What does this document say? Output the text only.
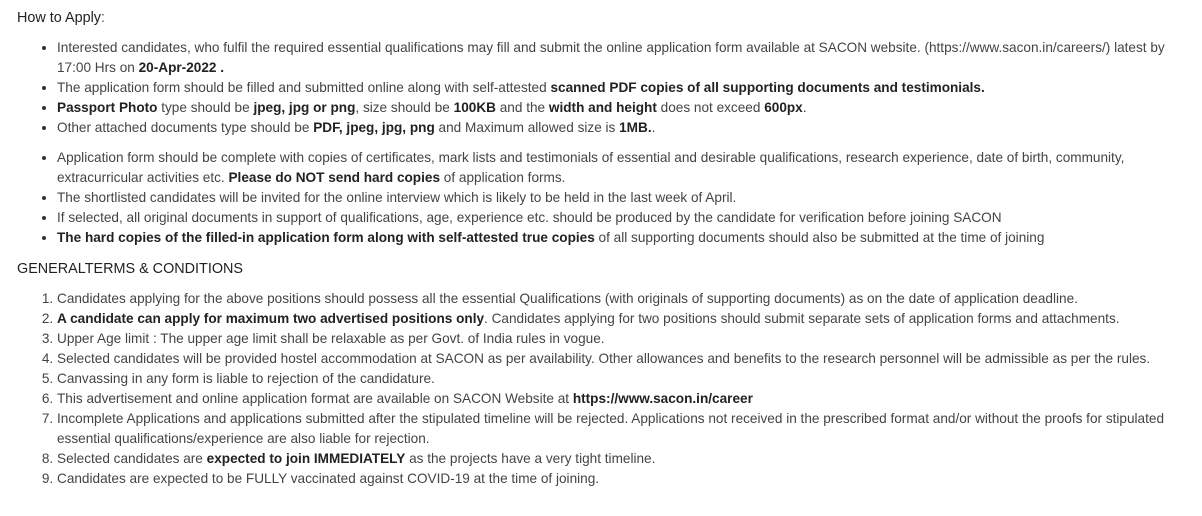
How to Apply:
• Interested candidates, who fulfil the required essential qualifications may fill and submit the online application form available at SACON website. (https://www.sacon.in/careers/) latest by 17:00 Hrs on 20-Apr-2022 .
• The application form should be filled and submitted online along with self-attested scanned PDF copies of all supporting documents and testimonials.
• Passport Photo type should be jpeg, jpg or png, size should be 100KB and the width and height does not exceed 600px.
• Other attached documents type should be PDF, jpeg, jpg, png and Maximum allowed size is 1MB..
• Application form should be complete with copies of certificates, mark lists and testimonials of essential and desirable qualifications, research experience, date of birth, community, extracurricular activities etc. Please do NOT send hard copies of application forms.
• The shortlisted candidates will be invited for the online interview which is likely to be held in the last week of April.
• If selected, all original documents in support of qualifications, age, experience etc. should be produced by the candidate for verification before joining SACON
• The hard copies of the filled-in application form along with self-attested true copies of all supporting documents should also be submitted at the time of joining
GENERALTERMS & CONDITIONS
1. Candidates applying for the above positions should possess all the essential Qualifications (with originals of supporting documents) as on the date of application deadline.
2. A candidate can apply for maximum two advertised positions only. Candidates applying for two positions should submit separate sets of application forms and attachments.
3. Upper Age limit : The upper age limit shall be relaxable as per Govt. of India rules in vogue.
4. Selected candidates will be provided hostel accommodation at SACON as per availability. Other allowances and benefits to the research personnel will be admissible as per the rules.
5. Canvassing in any form is liable to rejection of the candidature.
6. This advertisement and online application format are available on SACON Website at https://www.sacon.in/career
7. Incomplete Applications and applications submitted after the stipulated timeline will be rejected. Applications not received in the prescribed format and/or without the proofs for stipulated essential qualifications/experience are also liable for rejection.
8. Selected candidates are expected to join IMMEDIATELY as the projects have a very tight timeline.
9. Candidates are expected to be FULLY vaccinated against COVID-19 at the time of joining.
